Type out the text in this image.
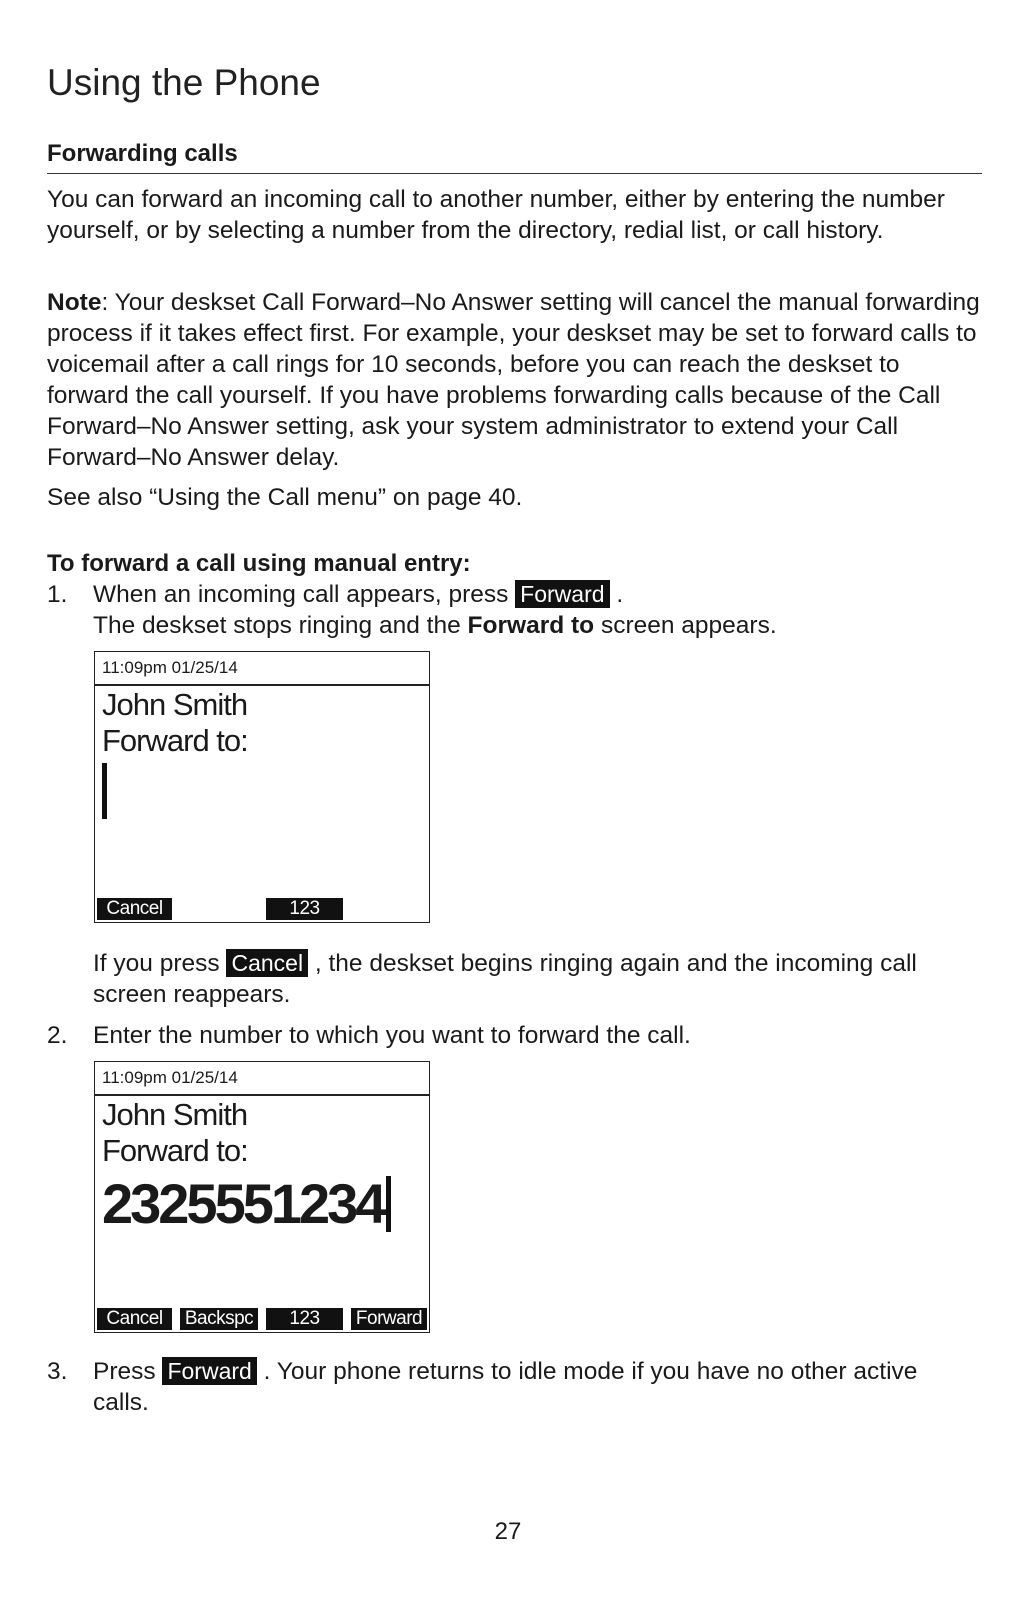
Using the Phone
Forwarding calls

You can forward an incoming call to another number, either by entering the number yourself, or by selecting a number from the directory, redial list, or call history.

Note: Your deskset Call Forward–No Answer setting will cancel the manual forwarding process if it takes effect first. For example, your deskset may be set to forward calls to voicemail after a call rings for 10 seconds, before you can reach the deskset to forward the call yourself. If you have problems forwarding calls because of the Call Forward–No Answer setting, ask your system administrator to extend your Call Forward–No Answer delay.

See also “Using the Call menu” on page 40.

To forward a call using manual entry:
1. When an incoming call appears, press Forward .
The deskset stops ringing and the Forward to screen appears.

11:09pm 01/25/14
John Smith
Forward to:
Cancel	123

If you press Cancel , the deskset begins ringing again and the incoming call screen reappears.

2. Enter the number to which you want to forward the call.

11:09pm 01/25/14
John Smith
Forward to:
2325551234
Cancel	Backspc	123	Forward
3. Press Forward . Your phone returns to idle mode if you have no other active calls.

27
